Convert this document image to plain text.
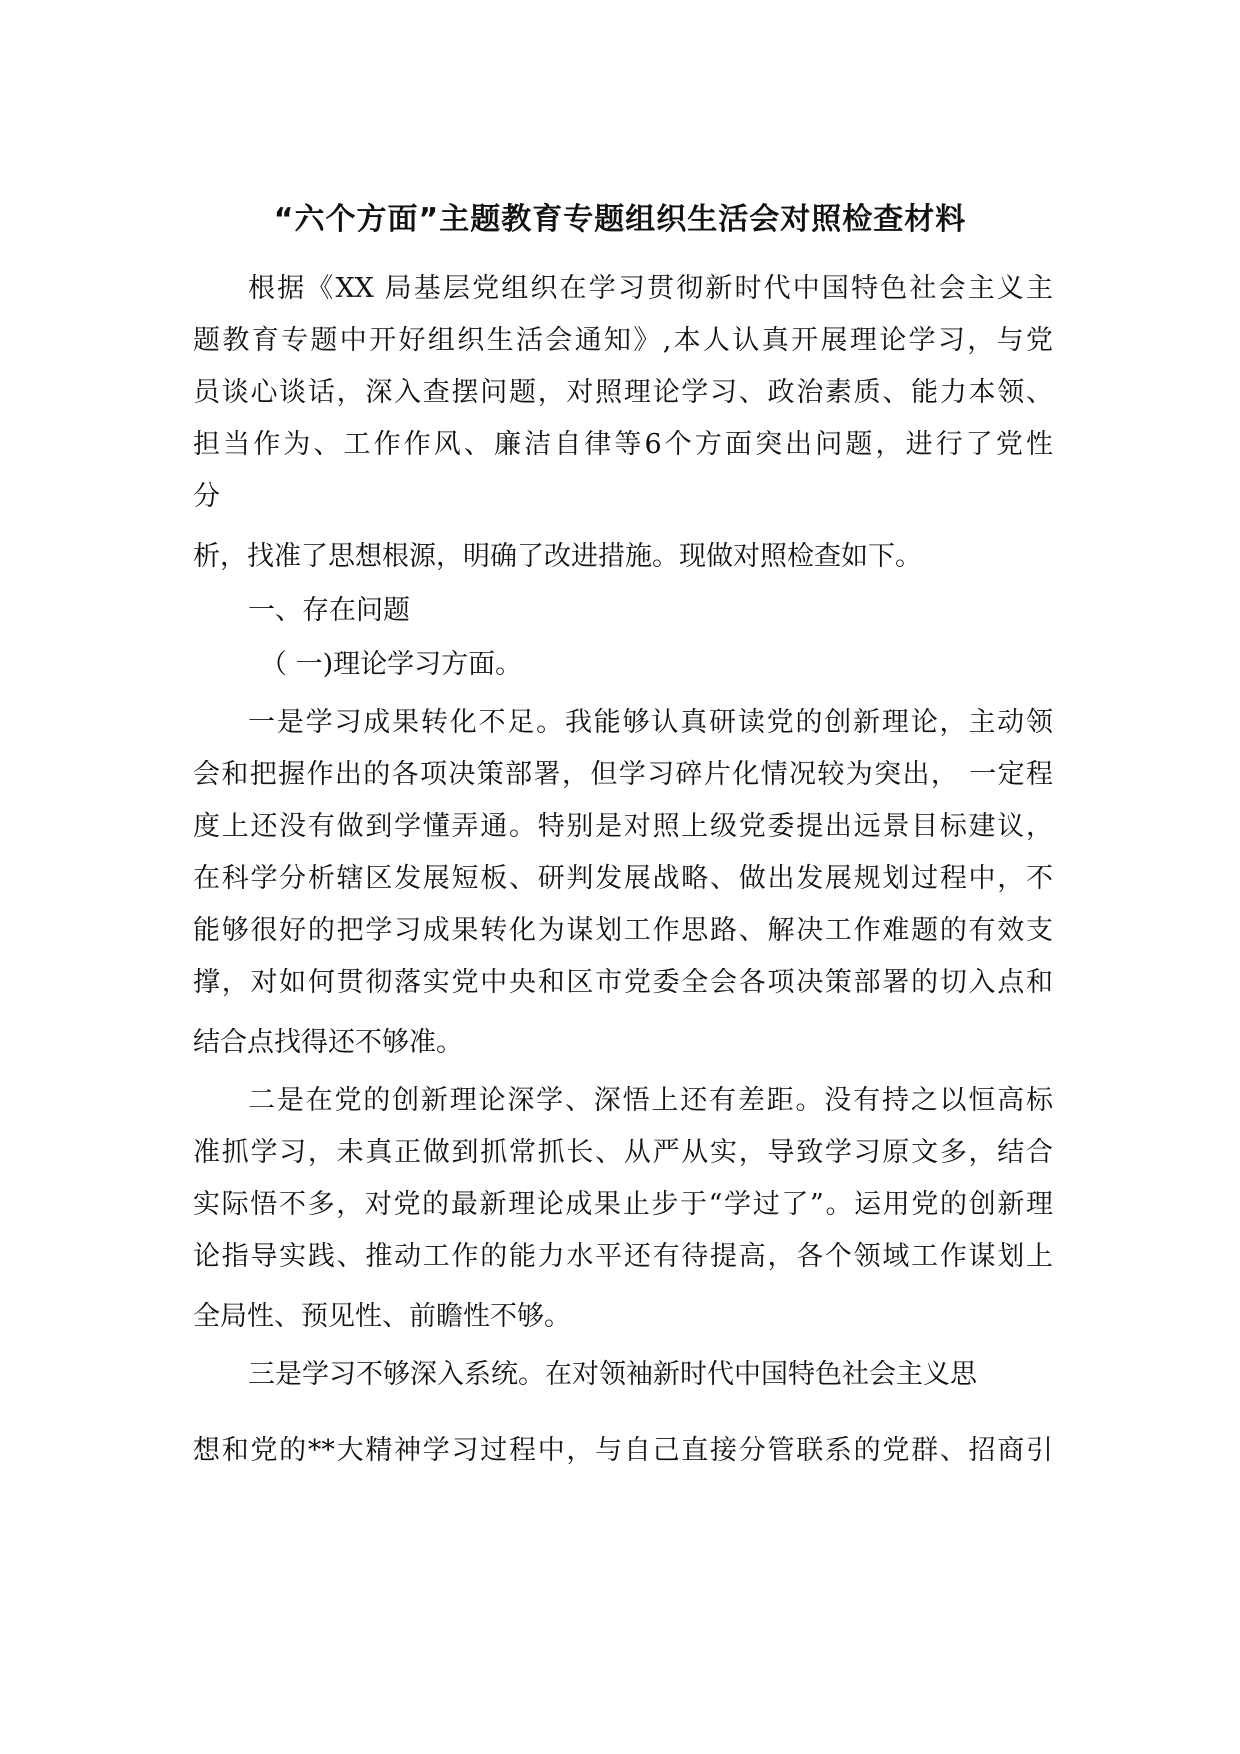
“六个方面”主题教育专题组织生活会对照检查材料

根据《XX 局基层党组织在学习贯彻新时代中国特色社会主义主

题教育专题中开好组织生活会通知》,本人认真开展理论学习，与党

员谈心谈话，深入查摆问题，对照理论学习、政治素质、能力本领、

担当作为、工作作风、廉洁自律等6个方面突出问题，进行了党性

分

析，找准了思想根源，明确了改进措施。现做对照检查如下。

一、存在问题

（ 一)理论学习方面。

一是学习成果转化不足。我能够认真研读党的创新理论，主动领

会和把握作出的各项决策部署，但学习碎片化情况较为突出， 一定程

度上还没有做到学懂弄通。特别是对照上级党委提出远景目标建议，

在科学分析辖区发展短板、研判发展战略、做出发展规划过程中，不

能够很好的把学习成果转化为谋划工作思路、解决工作难题的有效支

撑，对如何贯彻落实党中央和区市党委全会各项决策部署的切入点和

结合点找得还不够准。

二是在党的创新理论深学、深悟上还有差距。没有持之以恒高标

准抓学习，未真正做到抓常抓长、从严从实，导致学习原文多，结合

实际悟不多，对党的最新理论成果止步于“学过了”。运用党的创新理

论指导实践、推动工作的能力水平还有待提高，各个领域工作谋划上

全局性、预见性、前瞻性不够。

三是学习不够深入系统。在对领袖新时代中国特色社会主义思

想和党的**大精神学习过程中，与自己直接分管联系的党群、招商引
